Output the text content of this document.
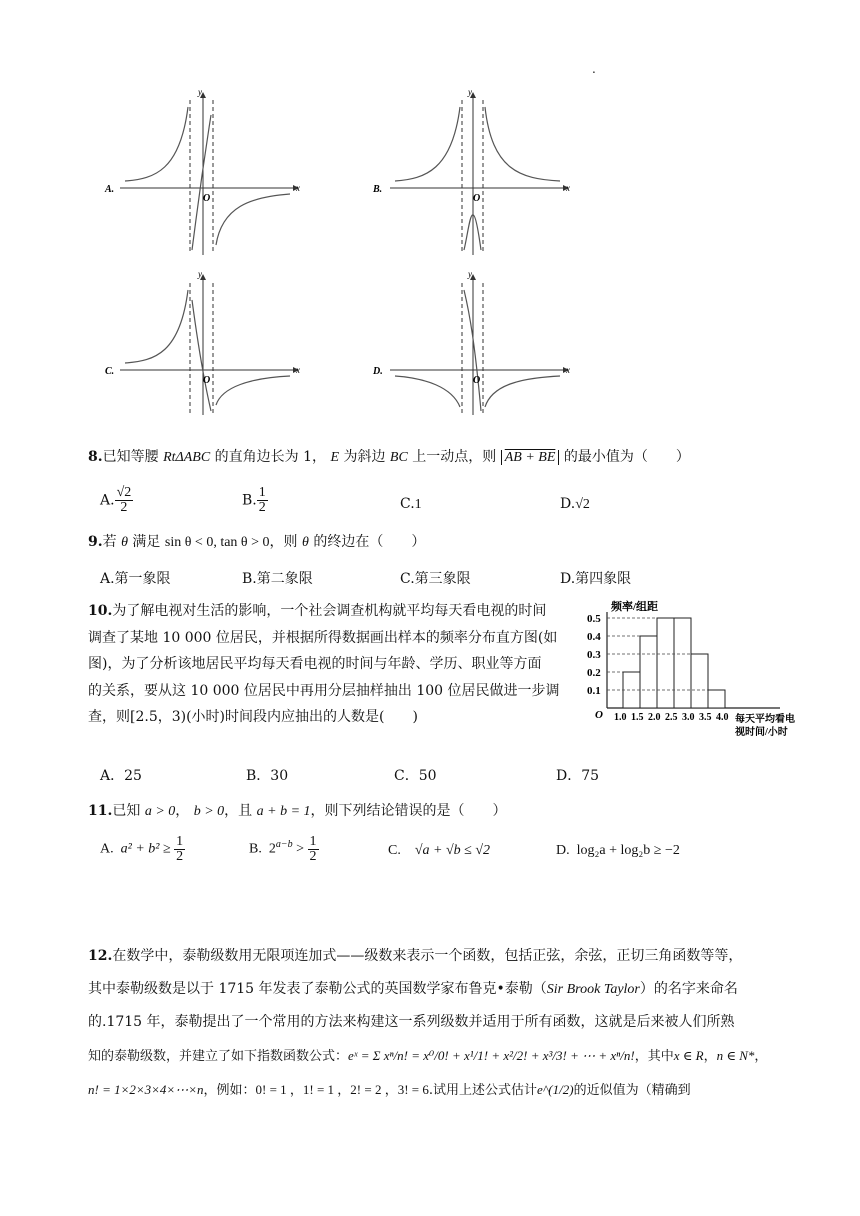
.
A.
O
x
y
B.
O
x
y
C.
O
x
y
D.
O
x
y
8.已知等腰 RtΔABC 的直角边长为 1， E 为斜边 BC 上一动点，则 AB + BE 的最小值为（　　）
A. $\frac{√2}{2}$	B. $\frac{1}{2}$	C.1	D.√2
9.若 θ 满足 sin θ < 0, tan θ > 0，则 θ 的终边在（　　）
A.第一象限	B.第二象限	C.第三象限	D.第四象限
10.为了解电视对生活的影响，一个社会调查机构就平均每天看电视的时间
调查了某地 10 000 位居民，并根据所得数据画出样本的频率分布直方图(如
图)，为了分析该地居民平均每天看电视的时间与年龄、学历、职业等方面
的关系，要从这 10 000 位居民中再用分层抽样抽出 100 位居民做进一步调
查，则[2.5，3)(小时)时间段内应抽出的人数是(　　)
频率/组距
O	每天平均看电
视时间/小时
0.1
0.2
0.3
0.4
0.5
1.0 1.5 2.0 2.5 3.0 3.5 4.0
A．25	B．30	C．50	D．75
11.已知 a > 0， b > 0，且 a + b = 1，则下列结论错误的是（　　）
A. $a^2 + b^2 \ge \frac{1}{2}$	B. $2^{a-b} > \frac{1}{2}$	C. √a + √b ≤ √2	D. log₂a + log₂b ≥ −2
12.在数学中，泰勒级数用无限项连加式——级数来表示一个函数，包括正弦，余弦，正切三角函数等等，
其中泰勒级数是以于 1715 年发表了泰勒公式的英国数学家布鲁克•泰勒（Sir Brook Taylor）的名字来命名
的.1715 年，泰勒提出了一个常用的方法来构建这一系列级数并适用于所有函数，这就是后来被人们所熟
知的泰勒级数，并建立了如下指数函数公式：eˣ = Σ xⁿ/n! = x⁰/0! + x¹/1! + x²/2! + x³/3! + ⋯ + xⁿ/n!，其中x ∈ R，n ∈ N*，
n! = 1×2×3×4×⋯×n，例如：0! = 1 ，1! = 1 ，2! = 2 ，3! = 6.试用上述公式估计e^(1/2)的近似值为（精确到
